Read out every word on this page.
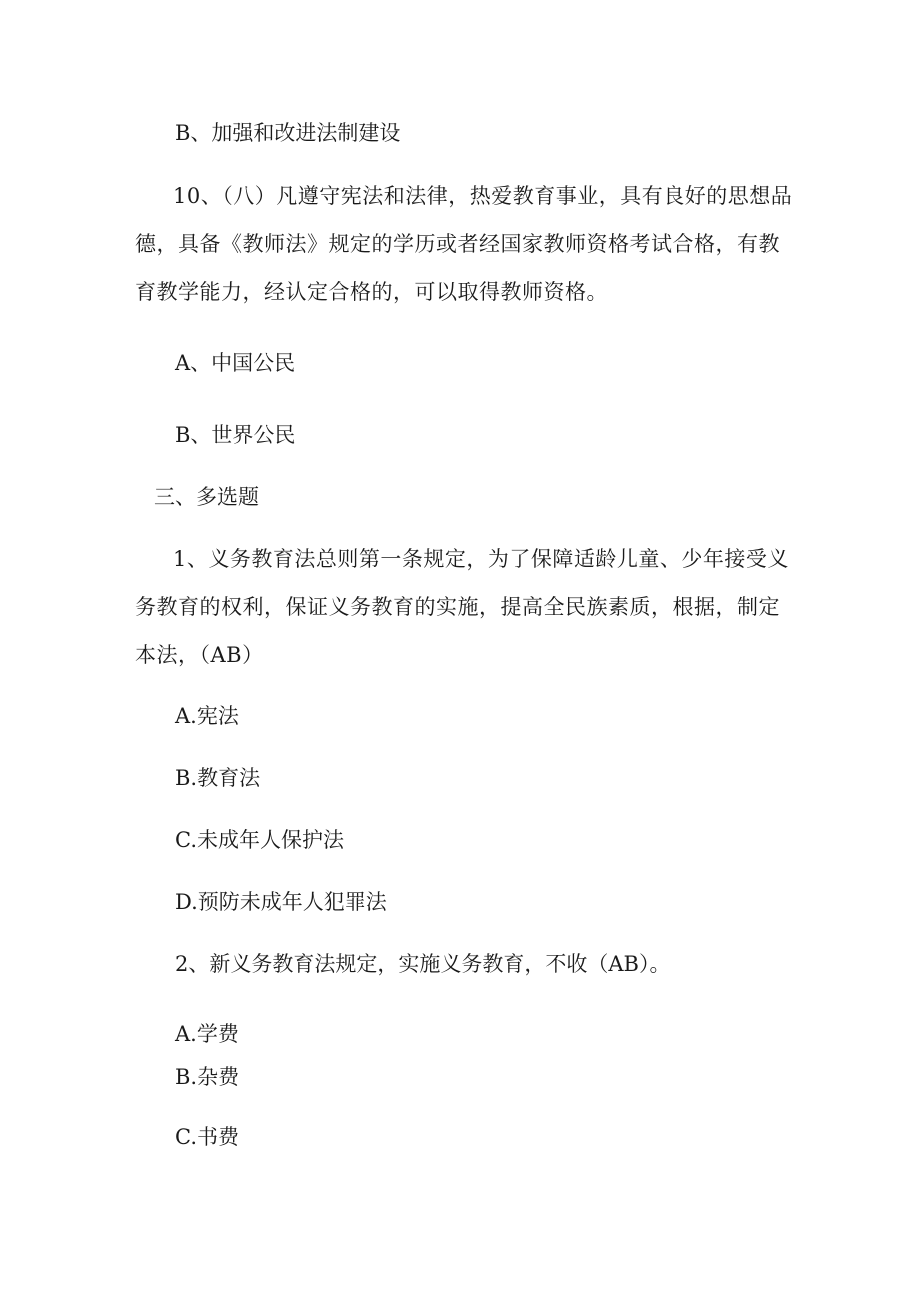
B、加强和改进法制建设
10、（八）凡遵守宪法和法律，热爱教育事业，具有良好的思想品德，具备《教师法》规定的学历或者经国家教师资格考试合格，有教育教学能力，经认定合格的，可以取得教师资格。
A、中国公民
B、世界公民
三、多选题
1、义务教育法总则第一条规定，为了保障适龄儿童、少年接受义务教育的权利，保证义务教育的实施，提高全民族素质，根据，制定本法，（AB）
A.宪法
B.教育法
C.未成年人保护法
D.预防未成年人犯罪法
2、新义务教育法规定，实施义务教育，不收（AB）。
A.学费
B.杂费
C.书费
